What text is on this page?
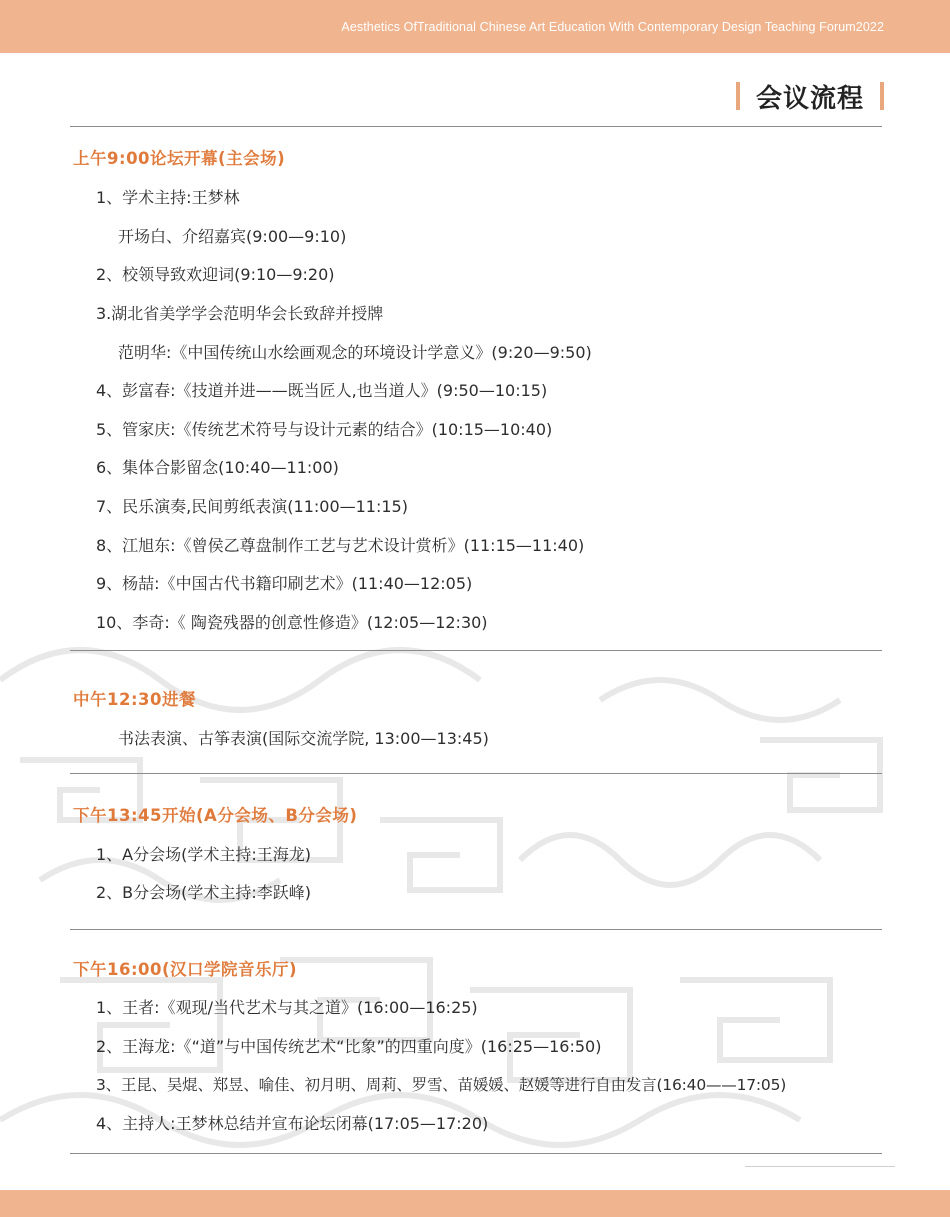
Aesthetics OfTraditional Chinese Art Education With Contemporary Design Teaching Forum2022
会议流程
上午9:00论坛开幕(主会场)
1、学术主持:王梦林
开场白、介绍嘉宾(9:00—9:10)
2、校领导致欢迎词(9:10—9:20)
3.湖北省美学学会范明华会长致辞并授牌
范明华:《中国传统山水绘画观念的环境设计学意义》(9:20—9:50)
4、彭富春:《技道并进——既当匠人,也当道人》(9:50—10:15)
5、管家庆:《传统艺术符号与设计元素的结合》(10:15—10:40)
6、集体合影留念(10:40—11:00)
7、民乐演奏,民间剪纸表演(11:00—11:15)
8、江旭东:《曾侯乙尊盘制作工艺与艺术设计赏析》(11:15—11:40)
9、杨喆:《中国古代书籍印刷艺术》(11:40—12:05)
10、李奇:《 陶瓷残器的创意性修造》(12:05—12:30)
中午12:30进餐
书法表演、古筝表演(国际交流学院, 13:00—13:45)
下午13:45开始(A分会场、B分会场)
1、A分会场(学术主持:王海龙)
2、B分会场(学术主持:李跃峰)
下午16:00(汉口学院音乐厅)
1、王者:《观现/当代艺术与其之道》(16:00—16:25)
2、王海龙:《“道”与中国传统艺术“比象”的四重向度》(16:25—16:50)
3、王昆、吴焜、郑昱、喻佳、初月明、周莉、罗雪、苗媛媛、赵媛等进行自由发言(16:40——17:05)
4、主持人:王梦林总结并宣布论坛闭幕(17:05—17:20)
